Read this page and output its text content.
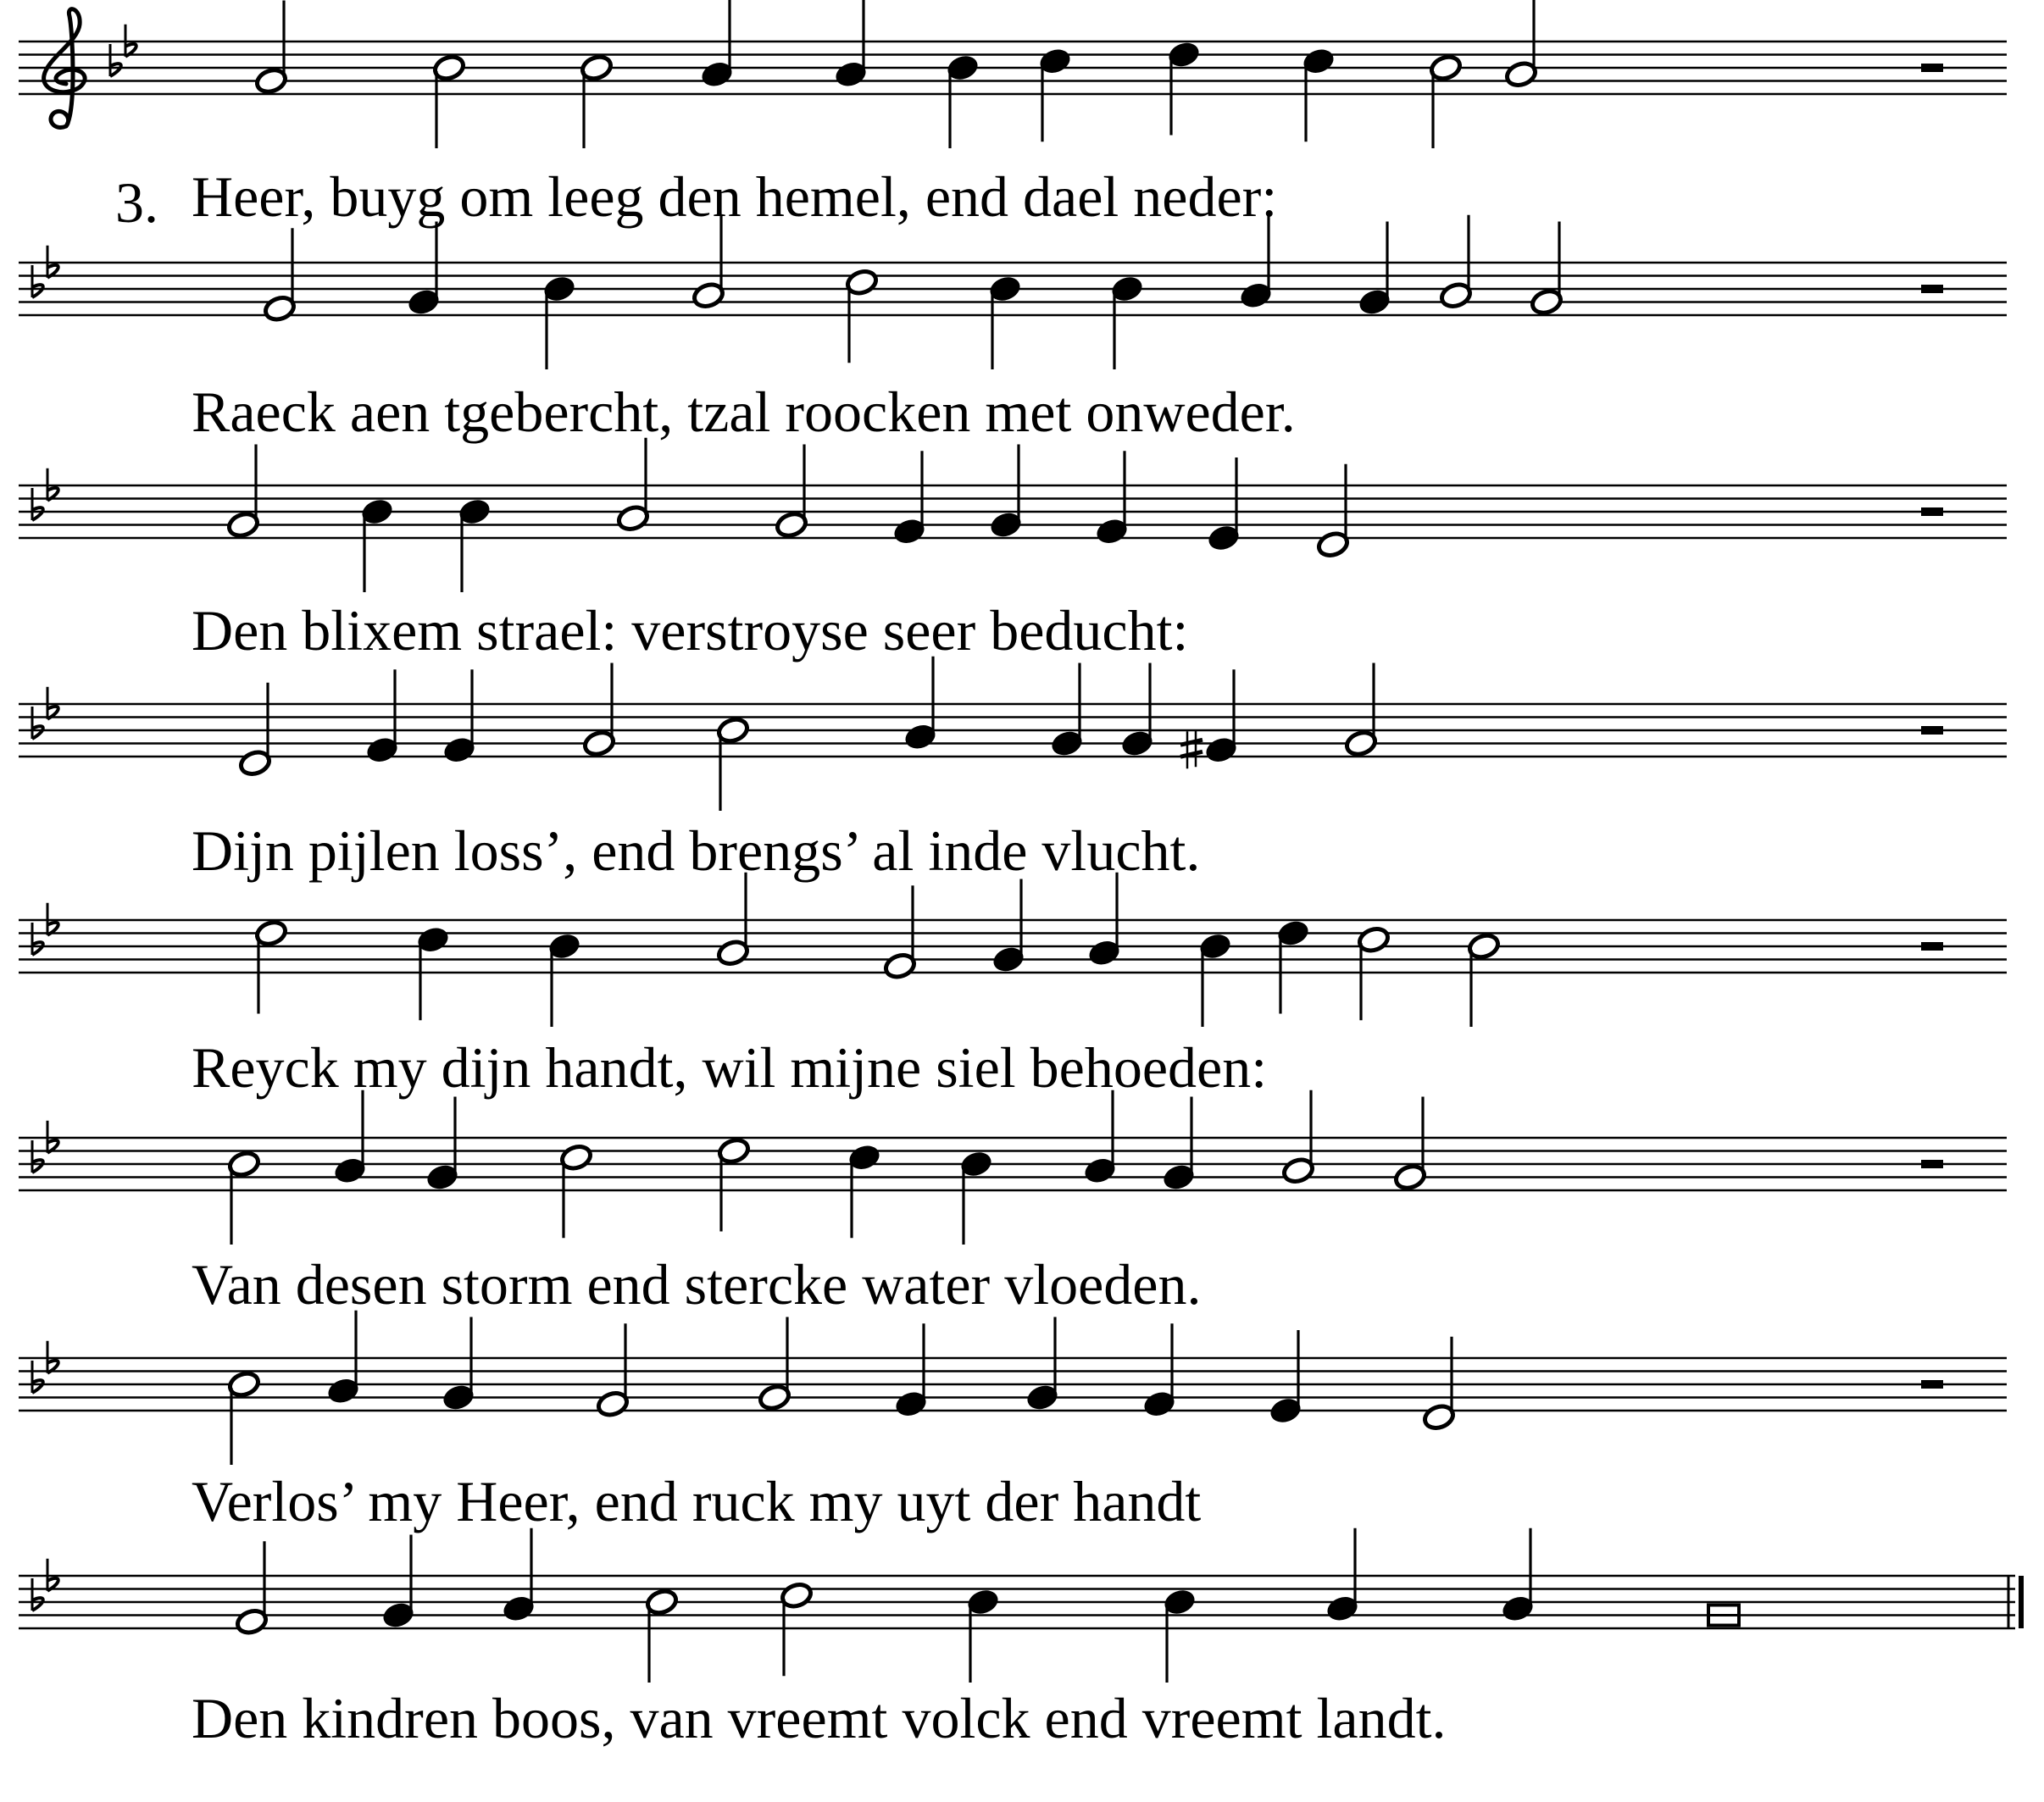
3. Heer, buyg om leeg den hemel, end dael neder:
Raeck aen tgebercht, tzal roocken met onweder.
Den blixem strael: verstroyse seer beducht:
Dijn pijlen loss’, end brengs’ al inde vlucht.
Reyck my dijn handt, wil mijne siel behoeden:
Van desen storm end stercke water vloeden.
Verlos’ my Heer, end ruck my uyt der handt
Den kindren boos, van vreemt volck end vreemt landt.
